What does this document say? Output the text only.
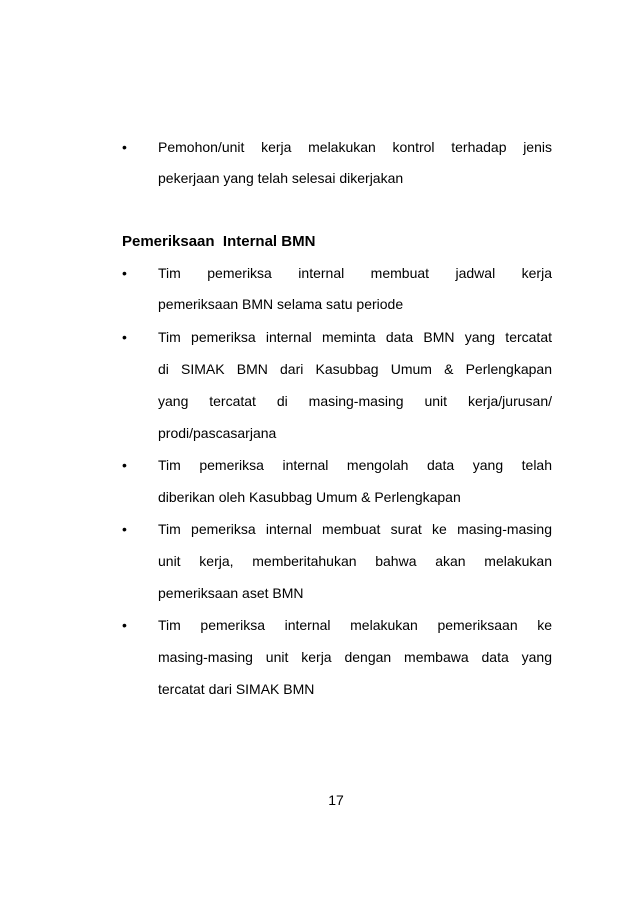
• Pemohon/unit kerja melakukan kontrol terhadap jenis
pekerjaan yang telah selesai dikerjakan
Pemeriksaan  Internal BMN
• Tim pemeriksa internal membuat jadwal kerja
pemeriksaan BMN selama satu periode
• Tim pemeriksa internal meminta data BMN yang tercatat
di SIMAK BMN dari Kasubbag Umum & Perlengkapan
yang tercatat di masing-masing unit kerja/jurusan/
prodi/pascasarjana
• Tim pemeriksa internal mengolah data yang telah
diberikan oleh Kasubbag Umum & Perlengkapan
• Tim pemeriksa internal membuat surat ke masing-masing
unit kerja, memberitahukan bahwa akan melakukan
pemeriksaan aset BMN
• Tim pemeriksa internal melakukan pemeriksaan ke
masing-masing unit kerja dengan membawa data yang
tercatat dari SIMAK BMN
17
